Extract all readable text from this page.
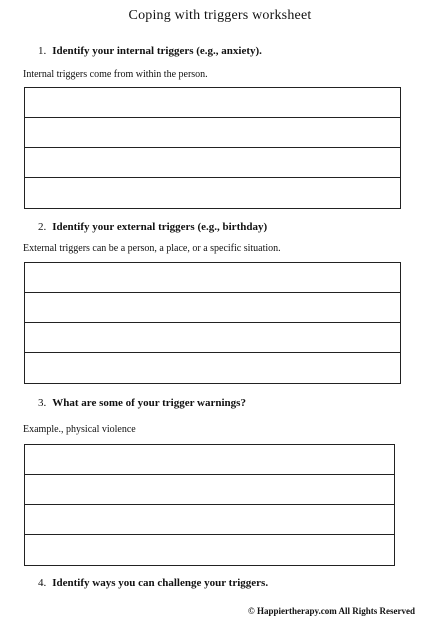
Coping with triggers worksheet
1. Identify your internal triggers (e.g., anxiety).
Internal triggers come from within the person.
2. Identify your external triggers (e.g., birthday)
External triggers can be a person, a place, or a specific situation.
3. What are some of your trigger warnings?
Example., physical violence
4. Identify ways you can challenge your triggers.
© Happiertherapy.com All Rights Reserved
